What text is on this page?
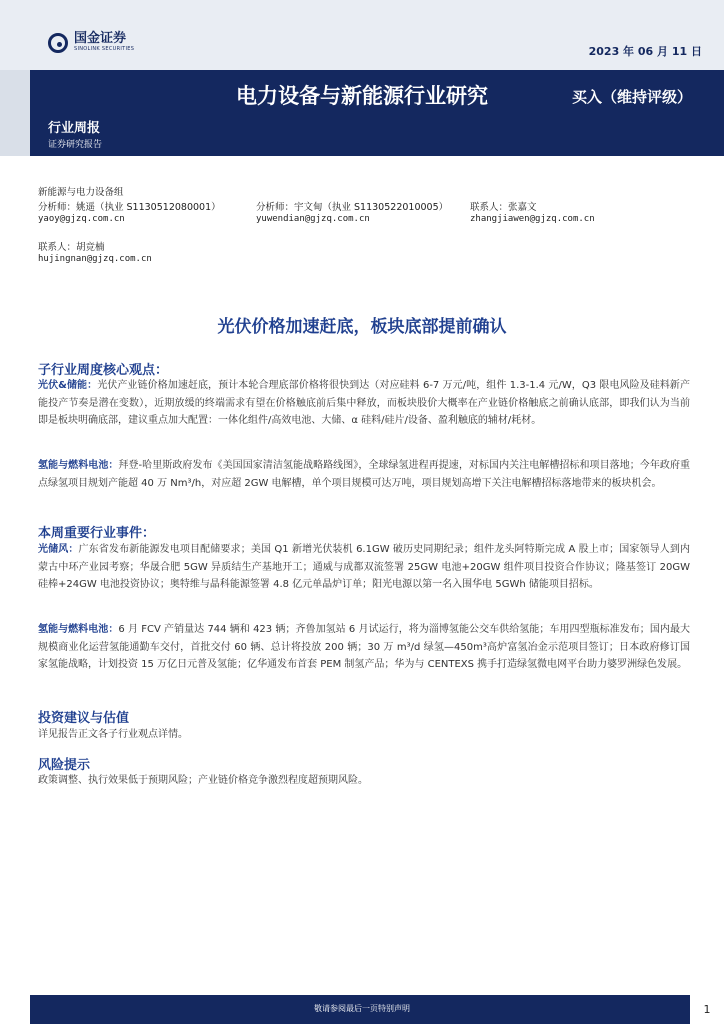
国金证券
SINOLINK SECURITIES	2023 年 06 月 11 日
电力设备与新能源行业研究	买入（维持评级）
行业周报
证券研究报告
新能源与电力设备组
分析师：姚遥（执业 S1130512080001）	分析师：宇文甸（执业 S1130522010005） 联系人：张嘉文
yaoy@gjzq.com.cn	yuwendian@gjzq.com.cn	zhangjiawen@gjzq.com.cn
联系人：胡竞楠
hujingnan@gjzq.com.cn
光伏价格加速赶底，板块底部提前确认
子行业周度核心观点：
光伏&储能：光伏产业链价格加速赶底，预计本轮合理底部价格将很快到达（对应硅料 6-7 万元/吨，组件 1.3-1.4 元/W，Q3 限电风险及硅料新产能投产节奏是潜在变数），近期放缓的终端需求有望在价格触底前后集中释放，而板块股价大概率在产业链价格触底之前确认底部，即我们认为当前即是板块明确底部，建议重点加大配置：一体化组件/高效电池、大储、α 硅料/硅片/设备、盈利触底的辅材/耗材。
氢能与燃料电池：拜登-哈里斯政府发布《美国国家清洁氢能战略路线图》，全球绿氢进程再提速，对标国内关注电解槽招标和项目落地；今年政府重点绿氢项目规划产能超 40 万 Nm³/h，对应超 2GW 电解槽，单个项目规模可达万吨，项目规划高增下关注电解槽招标落地带来的板块机会。
本周重要行业事件：
光储风：广东省发布新能源发电项目配储要求；美国 Q1 新增光伏装机 6.1GW 破历史同期纪录；组件龙头阿特斯完成 A 股上市；国家领导人到内蒙古中环产业园考察；华晟合肥 5GW 异质结生产基地开工；通威与成都双流签署 25GW 电池+20GW 组件项目投资合作协议；隆基签订 20GW 硅棒+24GW 电池投资协议；奥特维与晶科能源签署 4.8 亿元单晶炉订单；阳光电源以第一名入围华电 5GWh 储能项目招标。
氢能与燃料电池：6 月 FCV 产销量达 744 辆和 423 辆；齐鲁加氢站 6 月试运行，将为淄博氢能公交车供给氢能；车用四型瓶标准发布；国内最大规模商业化运营氢能通勤车交付，首批交付 60 辆、总计将投放 200 辆；30 万 m³/d 绿氢—450m³高炉富氢冶金示范项目签订；日本政府修订国家氢能战略，计划投资 15 万亿日元普及氢能；亿华通发布首套 PEM 制氢产品；华为与 CENTEXS 携手打造绿氢微电网平台助力婆罗洲绿色发展。
投资建议与估值
详见报告正文各子行业观点详情。
风险提示
政策调整、执行效果低于预期风险；产业链价格竞争激烈程度超预期风险。
敬请参阅最后一页特别声明	1
